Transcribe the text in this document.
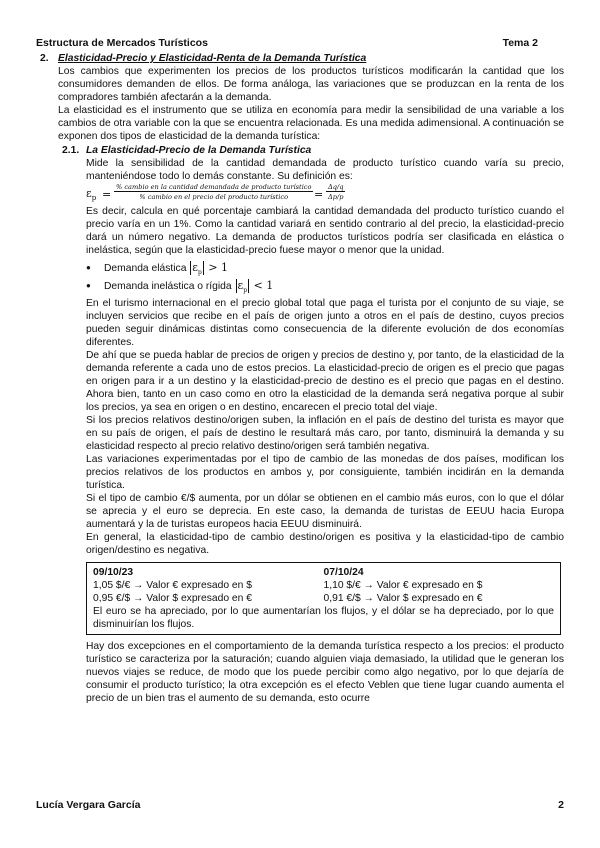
Estructura de Mercados Turísticos	Tema 2
2. Elasticidad-Precio y Elasticidad-Renta de la Demanda Turística

Los cambios que experimenten los precios de los productos turísticos modificarán la cantidad que los consumidores demanden de ellos. De forma análoga, las variaciones que se produzcan en la renta de los compradores también afectarán a la demanda.

La elasticidad es el instrumento que se utiliza en economía para medir la sensibilidad de una variable a los cambios de otra variable con la que se encuentra relacionada. Es una medida adimensional. A continuación se exponen dos tipos de elasticidad de la demanda turística:

2.1. La Elasticidad-Precio de la Demanda Turística

Mide la sensibilidad de la cantidad demandada de producto turístico cuando varía su precio, manteniéndose todo lo demás constante. Su definición es:

$\varepsilon_p$ =
% cambio en la cantidad demandada de producto turístico
% cambio en el precio del producto turístico	= $\frac{\Delta q/q}{\Delta p/p}$

Es decir, calcula en qué porcentaje cambiará la cantidad demandada del producto turístico cuando el precio varía en un 1%. Como la cantidad variará en sentido contrario al del precio, la elasticidad-precio dará un número negativo. La demanda de productos turísticos podría ser clasificada en elástica o inelástica, según que la elasticidad-precio fuese mayor o menor que la unidad.

● Demanda elástica $\varepsilon_p > 1$
● Demanda inelástica o rígida $\varepsilon_p < 1$

En el turismo internacional en el precio global total que paga el turista por el conjunto de su viaje, se incluyen servicios que recibe en el país de origen junto a otros en el país de destino, cuyos precios pueden seguir dinámicas distintas como consecuencia de la diferente evolución de dos economías diferentes.

De ahí que se pueda hablar de precios de origen y precios de destino y, por tanto, de la elasticidad de la demanda referente a cada uno de estos precios. La elasticidad-precio de origen es el precio que pagas en origen para ir a un destino y la elasticidad-precio de destino es el precio que pagas en el destino. Ahora bien, tanto en un caso como en otro la elasticidad de la demanda será negativa porque al subir los precios, ya sea en origen o en destino, encarecen el precio total del viaje.

Si los precios relativos destino/origen suben, la inflación en el país de destino del turista es mayor que en su país de origen, el país de destino le resultará más caro, por tanto, disminuirá la demanda y su elasticidad respecto al precio relativo destino/origen será también negativa.

Las variaciones experimentadas por el tipo de cambio de las monedas de dos países, modifican los precios relativos de los productos en ambos y, por consiguiente, también incidirán en la demanda turística.

Si el tipo de cambio €/$ aumenta, por un dólar se obtienen en el cambio más euros, con lo que el dólar se aprecia y el euro se deprecia. En este caso, la demanda de turistas de EEUU hacia Europa aumentará y la de turistas europeos hacia EEUU disminuirá.

En general, la elasticidad-tipo de cambio destino/origen es positiva y la elasticidad-tipo de cambio origen/destino es negativa.

09/10/23	07/10/24
1,05 $/€ → Valor € expresado en $	1,10 $/€ → Valor € expresado en $
0,95 €/$ → Valor $ expresado en €	0,91 €/$ → Valor $ expresado en €

El euro se ha apreciado, por lo que aumentarían los flujos, y el dólar se ha depreciado, por lo que disminuirían los flujos.

Hay dos excepciones en el comportamiento de la demanda turística respecto a los precios: el producto turístico se caracteriza por la saturación; cuando alguien viaja demasiado, la utilidad que le generan los nuevos viajes se reduce, de modo que los puede percibir como algo negativo, por lo que dejaría de consumir el producto turístico; la otra excepción es el efecto Veblen que tiene lugar cuando aumenta el precio de un bien tras el aumento de su demanda, esto ocurre

Lucía Vergara García	2
